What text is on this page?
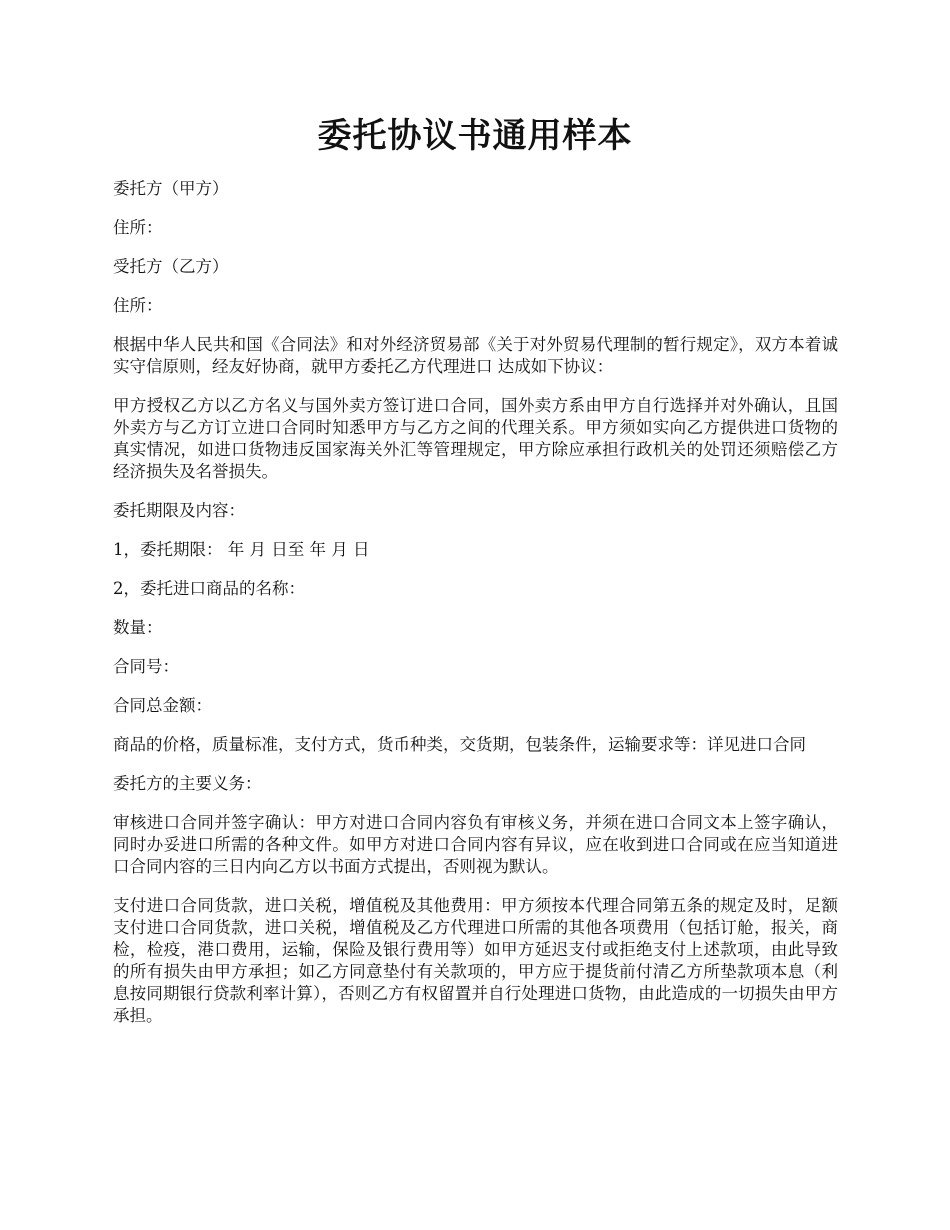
委托协议书通用样本

委托方（甲方）

住所：

受托方（乙方）

住所：

根据中华人民共和国《合同法》和对外经济贸易部《关于对外贸易代理制的暂行规定》，双方本着诚实守信原则，经友好协商，就甲方委托乙方代理进口 达成如下协议：

甲方授权乙方以乙方名义与国外卖方签订进口合同，国外卖方系由甲方自行选择并对外确认，且国外卖方与乙方订立进口合同时知悉甲方与乙方之间的代理关系。甲方须如实向乙方提供进口货物的真实情况，如进口货物违反国家海关外汇等管理规定，甲方除应承担行政机关的处罚还须赔偿乙方经济损失及名誉损失。

委托期限及内容：

1，委托期限： 年 月 日至 年 月 日

2，委托进口商品的名称：

数量：

合同号：

合同总金额：

商品的价格，质量标准，支付方式，货币种类，交货期，包装条件，运输要求等：详见进口合同

委托方的主要义务：

审核进口合同并签字确认：甲方对进口合同内容负有审核义务，并须在进口合同文本上签字确认，同时办妥进口所需的各种文件。如甲方对进口合同内容有异议，应在收到进口合同或在应当知道进口合同内容的三日内向乙方以书面方式提出，否则视为默认。

支付进口合同货款，进口关税，增值税及其他费用：甲方须按本代理合同第五条的规定及时，足额支付进口合同货款，进口关税，增值税及乙方代理进口所需的其他各项费用（包括订舱，报关，商检，检疫，港口费用，运输，保险及银行费用等）如甲方延迟支付或拒绝支付上述款项，由此导致的所有损失由甲方承担；如乙方同意垫付有关款项的，甲方应于提货前付清乙方所垫款项本息（利息按同期银行贷款利率计算），否则乙方有权留置并自行处理进口货物，由此造成的一切损失由甲方承担。
